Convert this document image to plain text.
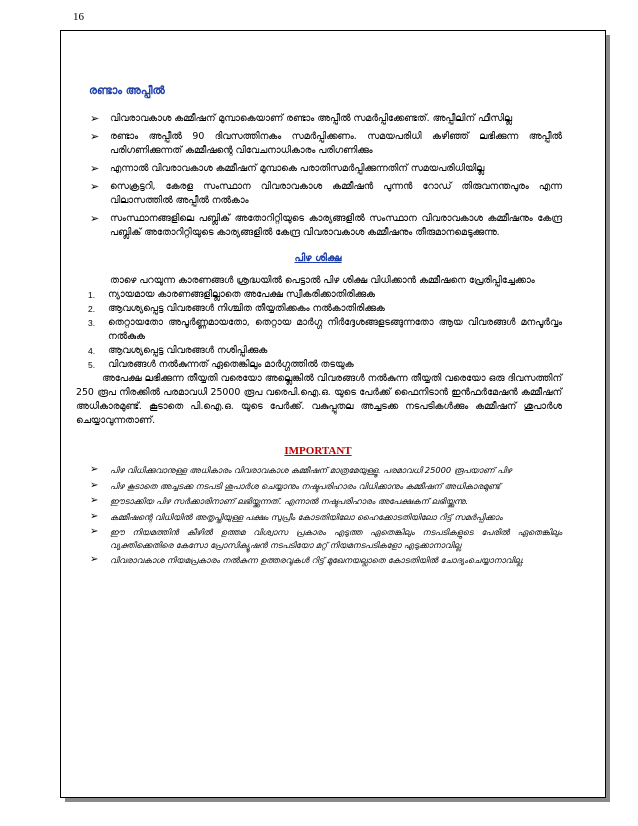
16
രണ്ടാം അപ്പീൽ
➢ വിവരാവകാശ കമ്മീഷന് മുമ്പാകെയാണ് രണ്ടാം അപ്പീൽ സമർപ്പിക്കേണ്ടത്. അപ്പീലിന് ഫീസില്ല
➢ രണ്ടാം അപ്പീൽ 90 ദിവസത്തിനകം സമർപ്പിക്കണം. സമയപരിധി കഴിഞ്ഞ് ലഭിക്കുന്ന അപ്പീൽ പരിഗണിക്കുന്നത് കമ്മീഷന്റെ വിവേചനാധികാരം പരിഗണിക്കും
➢ എന്നാൽ വിവരാവകാശ കമ്മീഷന് മുമ്പാകെ പരാതിസമർപ്പിക്കുന്നതിന് സമയപരിധിയില്ല
➢ സെക്രട്ടറി, കേരള സംസ്ഥാന വിവരാവകാശ കമ്മീഷൻ പുന്നൻ റോഡ് തിരുവനന്തപുരം എന്ന വിലാസത്തിൽ അപ്പീൽ നൽകാം
➢ സംസ്ഥാനങ്ങളിലെ പബ്ലിക് അതോറിറ്റിയുടെ കാര്യങ്ങളിൽ സംസ്ഥാന വിവരാവകാശ കമ്മീഷനും കേന്ദ്ര പബ്ലിക് അതോറിറ്റിയുടെ കാര്യങ്ങളിൽ കേന്ദ്ര വിവരാവകാശ കമ്മീഷനും തീരുമാനമെടുക്കുന്നു.
പിഴ ശിക്ഷ
താഴെ പറയുന്ന കാരണങ്ങൾ ശ്രദ്ധയിൽ പെട്ടാൽ പിഴ ശിക്ഷ വിധിക്കാൻ കമ്മീഷനെ പ്രേരിപ്പിച്ചേക്കാം
1. ന്യായമായ കാരണങ്ങളില്ലാതെ അപേക്ഷ സ്വീകരിക്കാതിരിക്കുക
2. ആവശ്യപ്പെട്ട വിവരങ്ങൾ നിശ്ചിത തീയ്യതിക്കകം നൽകാതിരിക്കുക
3. തെറ്റായതോ അപൂർണ്ണമായതോ, തെറ്റായ മാർഗ്ഗ നിർദ്ദേശങ്ങളടങ്ങുന്നതോ ആയ വിവരങ്ങൾ മനപൂർവ്വം നൽകുക
4. ആവശ്യപ്പെട്ട വിവരങ്ങൾ നശിപ്പിക്കുക
5. വിവരങ്ങൾ നൽകുന്നത് ഏതെങ്കിലും മാർഗ്ഗത്തിൽ തടയുക
അപേക്ഷ ലഭിക്കുന്ന തീയ്യതി വരെയോ അല്ലെങ്കിൽ വിവരങ്ങൾ നൽകുന്ന തീയ്യതി വരെയോ ഒരു ദിവസത്തിന് 250 രൂപ നിരക്കിൽ പരമാവധി 25000 രൂപ വരെപി.ഐ.ഒ. യുടെ പേർക്ക് ഫൈനിടാൻ ഇൻഫർമേഷൻ കമ്മീഷന് അധികാരമുണ്ട്. കൂടാതെ പി.ഐ.ഒ. യുടെ പേർക്ക്. വകുപ്പുതല അച്ചടക്ക നടപടികൾക്കും കമ്മീഷന് ശുപാർശ ചെയ്യാവുന്നതാണ്.
IMPORTANT
➢ പിഴ വിധിക്കുവാനുള്ള അധികാരം വിവരാവകാശ കമ്മീഷന് മാത്രമേയുള്ളൂ. പരമാവധി 25000 രൂപയാണ് പിഴ
➢ പിഴ കൂടാതെ അച്ചടക്ക നടപടി ശുപാർശ ചെയ്യാനും നഷ്ടപരിഹാരം വിധിക്കാനും കമ്മീഷന് അധികാരമുണ്ട്
➢ ഈടാക്കിയ പിഴ സർക്കാരിനാണ് ലഭിയ്ക്കുന്നത്. എന്നാൽ നഷ്ടപരിഹാരം അപേക്ഷകന് ലഭിയ്ക്കുന്നു.
➢ കമ്മീഷന്റെ വിധിയിൽ അതൃപ്തിയുള്ള പക്ഷം സുപ്രീം കോടതിയിലോ ഹൈക്കോടതിയിലോ റിട്ട് സമർപ്പിക്കാം
➢ ഈ നിയമത്തിൻ കീഴിൽ ഉത്തമ വിശ്വാസ പ്രകാരം എടുത്ത ഏതെങ്കിലും നടപടികളുടെ പേരിൽ ഏതെങ്കിലും വ്യക്തിക്കെതിരെ കേസോ പ്രോസിക്യൂഷൻ നടപടിയോ മറ്റ് നിയമനടപടികളോ എടുക്കാനാവില്ല
➢ വിവരാവകാശ നിയമപ്രകാരം നൽകുന്ന ഉത്തരവുകൾ റിട്ട് മുഖേനയല്ലാതെ കോടതിയിൽ ചോദ്യംചെയ്യാനാവില്ല.
